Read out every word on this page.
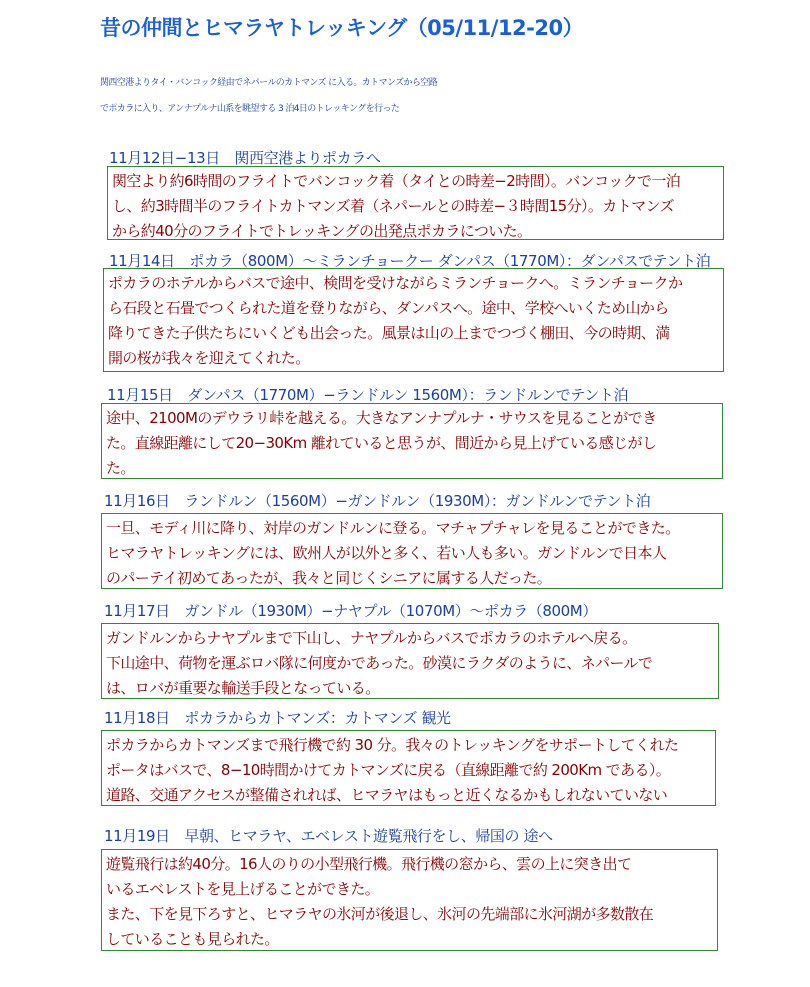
昔の仲間とヒマラヤトレッキング（05/11/12-20）
関西空港よりタイ・バンコック経由でネパールのカトマンズ に入る。カトマンズから空路
でポカラに入り、アンナプルナ山系を眺望する 3 泊4日のトレッキングを行った
11月12日−13日　関西空港よりポカラへ
関空より約6時間のフライトでバンコック着（タイとの時差−2時間）。バンコックで一泊
し、約3時間半のフライトカトマンズ着（ネパールとの時差−３時間15分）。カトマンズ
から約40分のフライトでトレッキングの出発点ポカラについた。
11月14日　ポカラ（800M）〜ミランチョークー ダンパス（1770M）：ダンパスでテント泊
ポカラのホテルからバスで途中、検問を受けながらミランチョークへ。ミランチョークか
ら石段と石畳でつくられた道を登りながら、ダンパスへ。途中、学校へいくため山から
降りてきた子供たちにいくども出会った。風景は山の上までつづく棚田、今の時期、満
開の桜が我々を迎えてくれた。
11月15日　ダンパス（1770M）−ランドルン 1560M）：ランドルンでテント泊
途中、2100Mのデウラリ峠を越える。大きなアンナプルナ・サウスを見ることができ
た。直線距離にして20−30Km 離れていると思うが、間近から見上げている感じがし
た。
11月16日　ランドルン（1560M）−ガンドルン（1930M）：ガンドルンでテント泊
一旦、モディ川に降り、対岸のガンドルンに登る。マチャプチャレを見ることができた。
ヒマラヤトレッキングには、欧州人が以外と多く、若い人も多い。ガンドルンで日本人
のパーテイ初めてあったが、我々と同じくシニアに属する人だった。
11月17日　ガンドル（1930M）−ナヤプル（1070M）〜ポカラ（800M）
ガンドルンからナヤプルまで下山し、ナヤプルからバスでポカラのホテルへ戻る。
下山途中、荷物を運ぶロバ隊に何度かであった。砂漠にラクダのように、ネパールで
は、ロバが重要な輸送手段となっている。
11月18日　ポカラからカトマンズ：カトマンズ 観光
ポカラからカトマンズまで飛行機で約 30 分。我々のトレッキングをサポートしてくれた
ポータはバスで、8−10時間かけてカトマンズに戻る（直線距離で約 200Km である）。
道路、交通アクセスが整備されれば、ヒマラヤはもっと近くなるかもしれないていない
11月19日　早朝、ヒマラヤ、エベレスト遊覧飛行をし、帰国の 途へ
遊覧飛行は約40分。16人のりの小型飛行機。飛行機の窓から、雲の上に突き出て
いるエベレストを見上げることができた。
また、下を見下ろすと、ヒマラヤの氷河が後退し、氷河の先端部に氷河湖が多数散在
していることも見られた。
